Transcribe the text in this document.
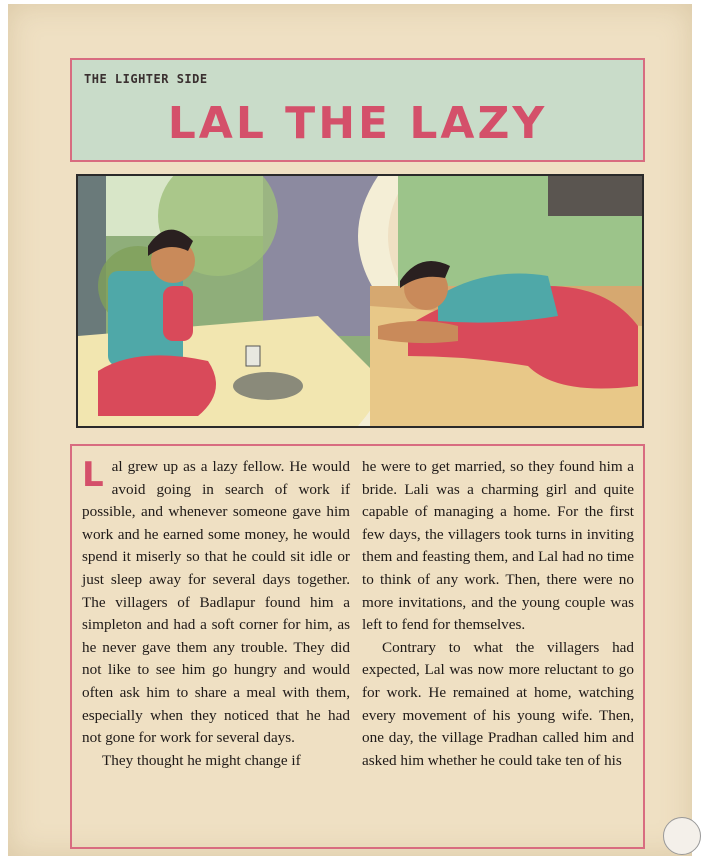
THE LIGHTER SIDE
LAL THE LAZY
L al grew up as a lazy fellow. He would avoid going in search of work if possible, and whenever someone gave him work and he earned some money, he would spend it miserly so that he could sit idle or just sleep away for several days together. The villagers of Badlapur found him a simpleton and had a soft corner for him, as he never gave them any trouble. They did not like to see him go hungry and would often ask him to share a meal with them, especially when they noticed that he had not gone for work for several days.

They thought he might change if

he were to get married, so they found him a bride. Lali was a charming girl and quite capable of managing a home. For the first few days, the villagers took turns in inviting them and feasting them, and Lal had no time to think of any work. Then, there were no more invitations, and the young couple was left to fend for themselves.

Contrary to what the villagers had expected, Lal was now more reluctant to go for work. He remained at home, watching every movement of his young wife. Then, one day, the village Pradhan called him and asked him whether he could take ten of his
